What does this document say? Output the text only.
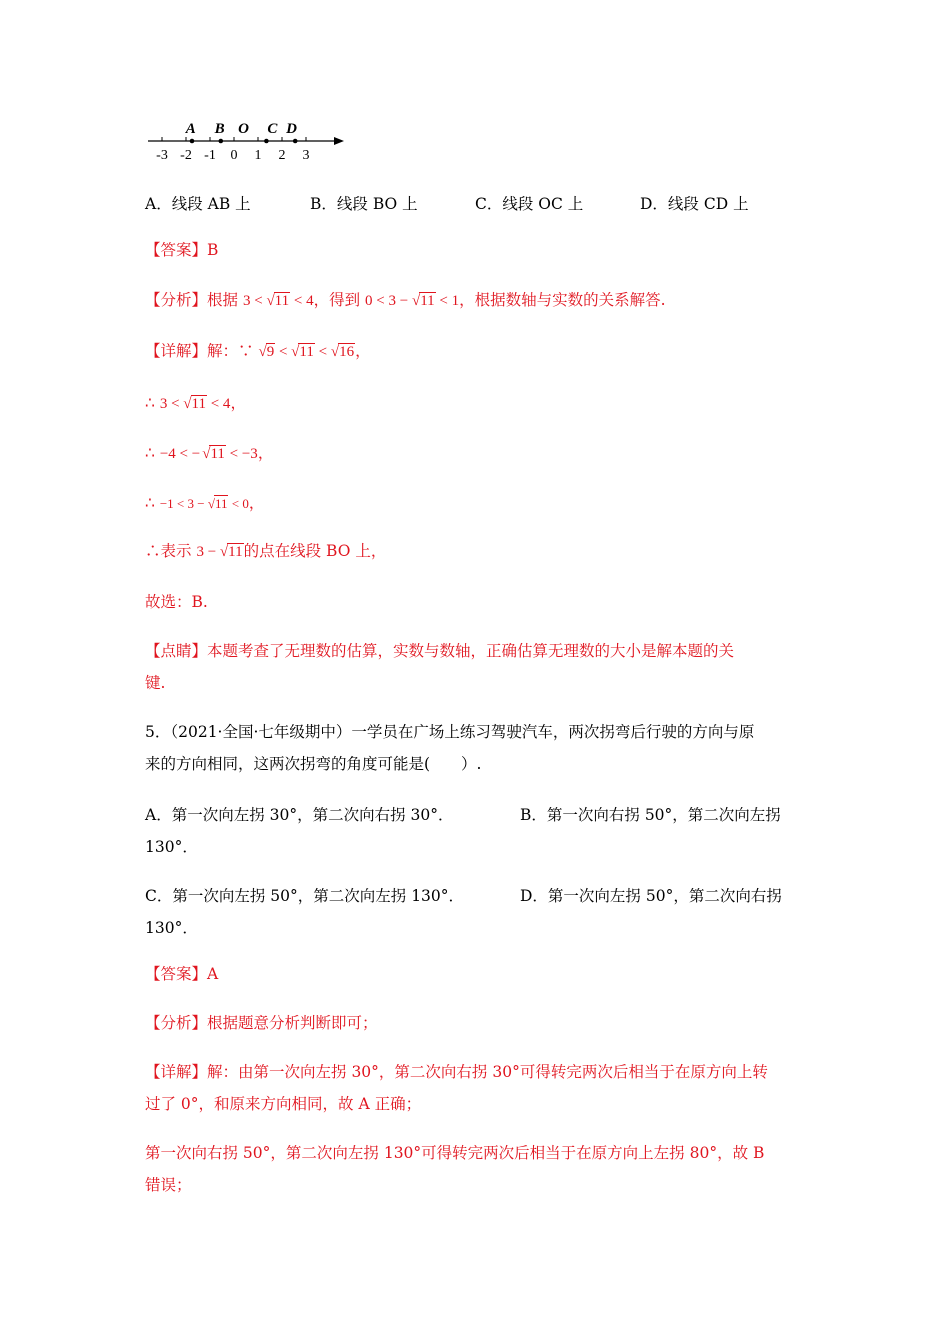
-3 -2 -1 0 1 2 3
A B O C D
A．线段 AB 上	B．线段 BO 上	C．线段 OC 上	D．线段 CD 上
【答案】B
【分析】根据 3 < √11 < 4，得到 0 < 3 − √11 < 1，根据数轴与实数的关系解答.
【详解】解：∵ √9 < √11 < √16，
∴ 3 < √11 < 4，
∴ −4 < − √11 < −3，
∴ −1 < 3 − √11 < 0，
∴表示 3 − √11的点在线段 BO 上，
故选：B.
【点睛】本题考查了无理数的估算，实数与数轴，正确估算无理数的大小是解本题的关
键.
5．（2021·全国·七年级期中）一学员在广场上练习驾驶汽车，两次拐弯后行驶的方向与原
来的方向相同，这两次拐弯的角度可能是(　　）.
A．第一次向左拐 30°，第二次向右拐 30°．	B．第一次向右拐 50°，第二次向左拐
130°．
C．第一次向左拐 50°，第二次向左拐 130°．	D．第一次向左拐 50°，第二次向右拐
130°．
【答案】A
【分析】根据题意分析判断即可；
【详解】解：由第一次向左拐 30°，第二次向右拐 30°可得转完两次后相当于在原方向上转
过了 0°，和原来方向相同，故 A 正确；
第一次向右拐 50°，第二次向左拐 130°可得转完两次后相当于在原方向上左拐 80°，故 B
错误；
